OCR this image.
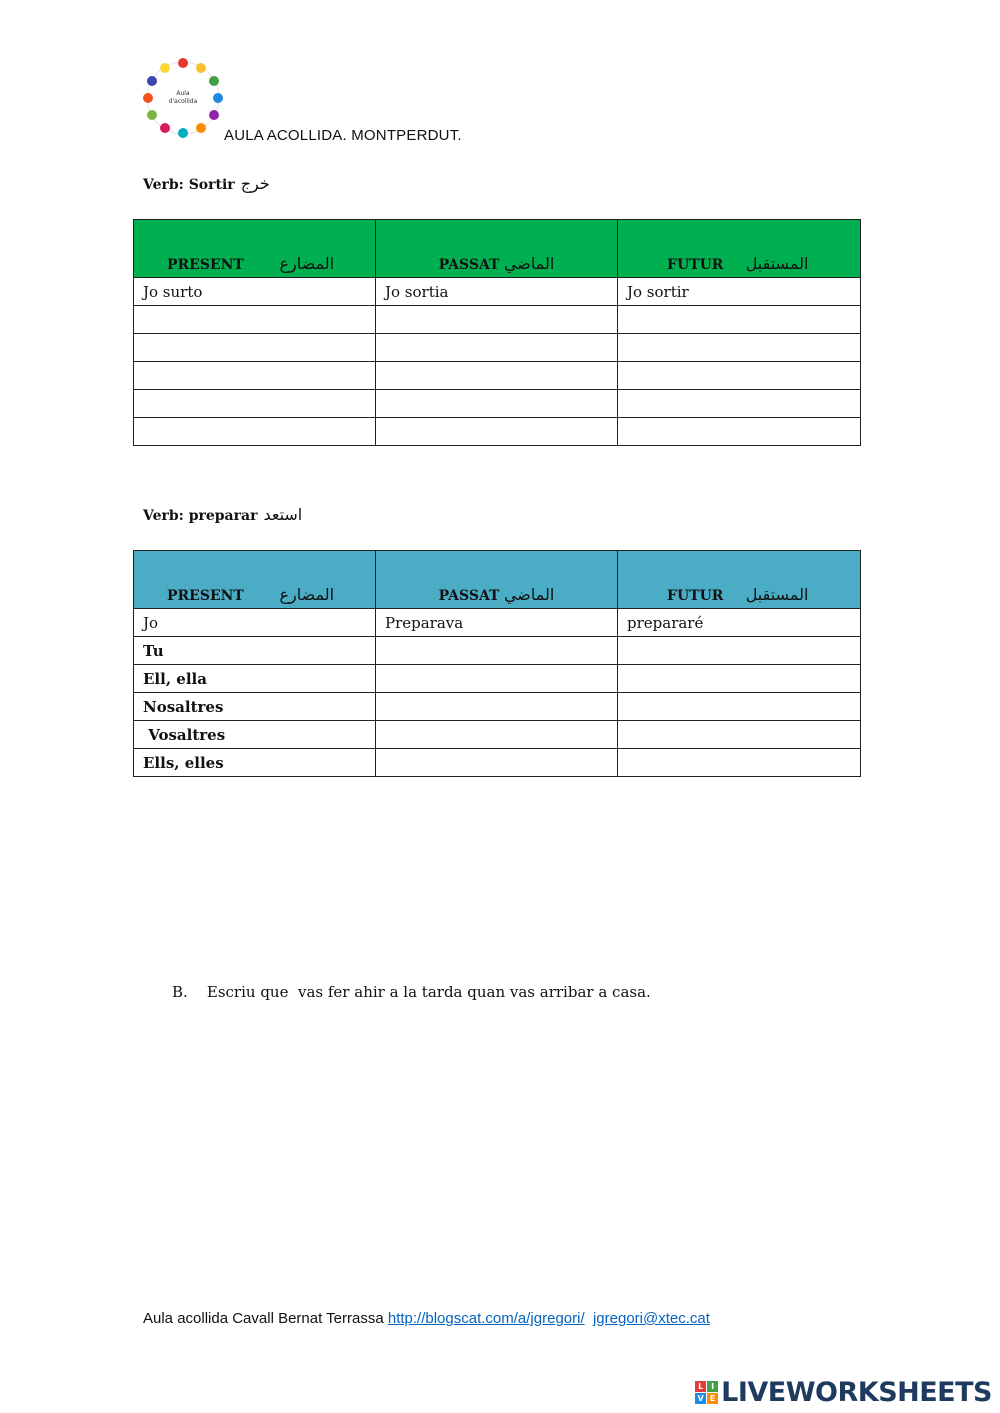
Aula
d'acollida
AULA ACOLLIDA. MONTPERDUT.
Verb: Sortir خرج
PRESENT المضارع	PASSAT الماضي	FUTUR المستقبل

Jo surto	Jo sortia	Jo sortir

Verb: preparar استعد
PRESENT المضارع	PASSAT الماضي	FUTUR المستقبل

Jo	Preparava	prepararé
Tu		
Ell, ella		
Nosaltres		
Vosaltres		
Ells, elles		
B. Escriu que  vas fer ahir a la tarda quan vas arribar a casa.
Aula acollida Cavall Bernat Terrassa http://blogscat.com/a/jgregori/ jgregori@xtec.cat
L I
V E LIVEWORKSHEETS
